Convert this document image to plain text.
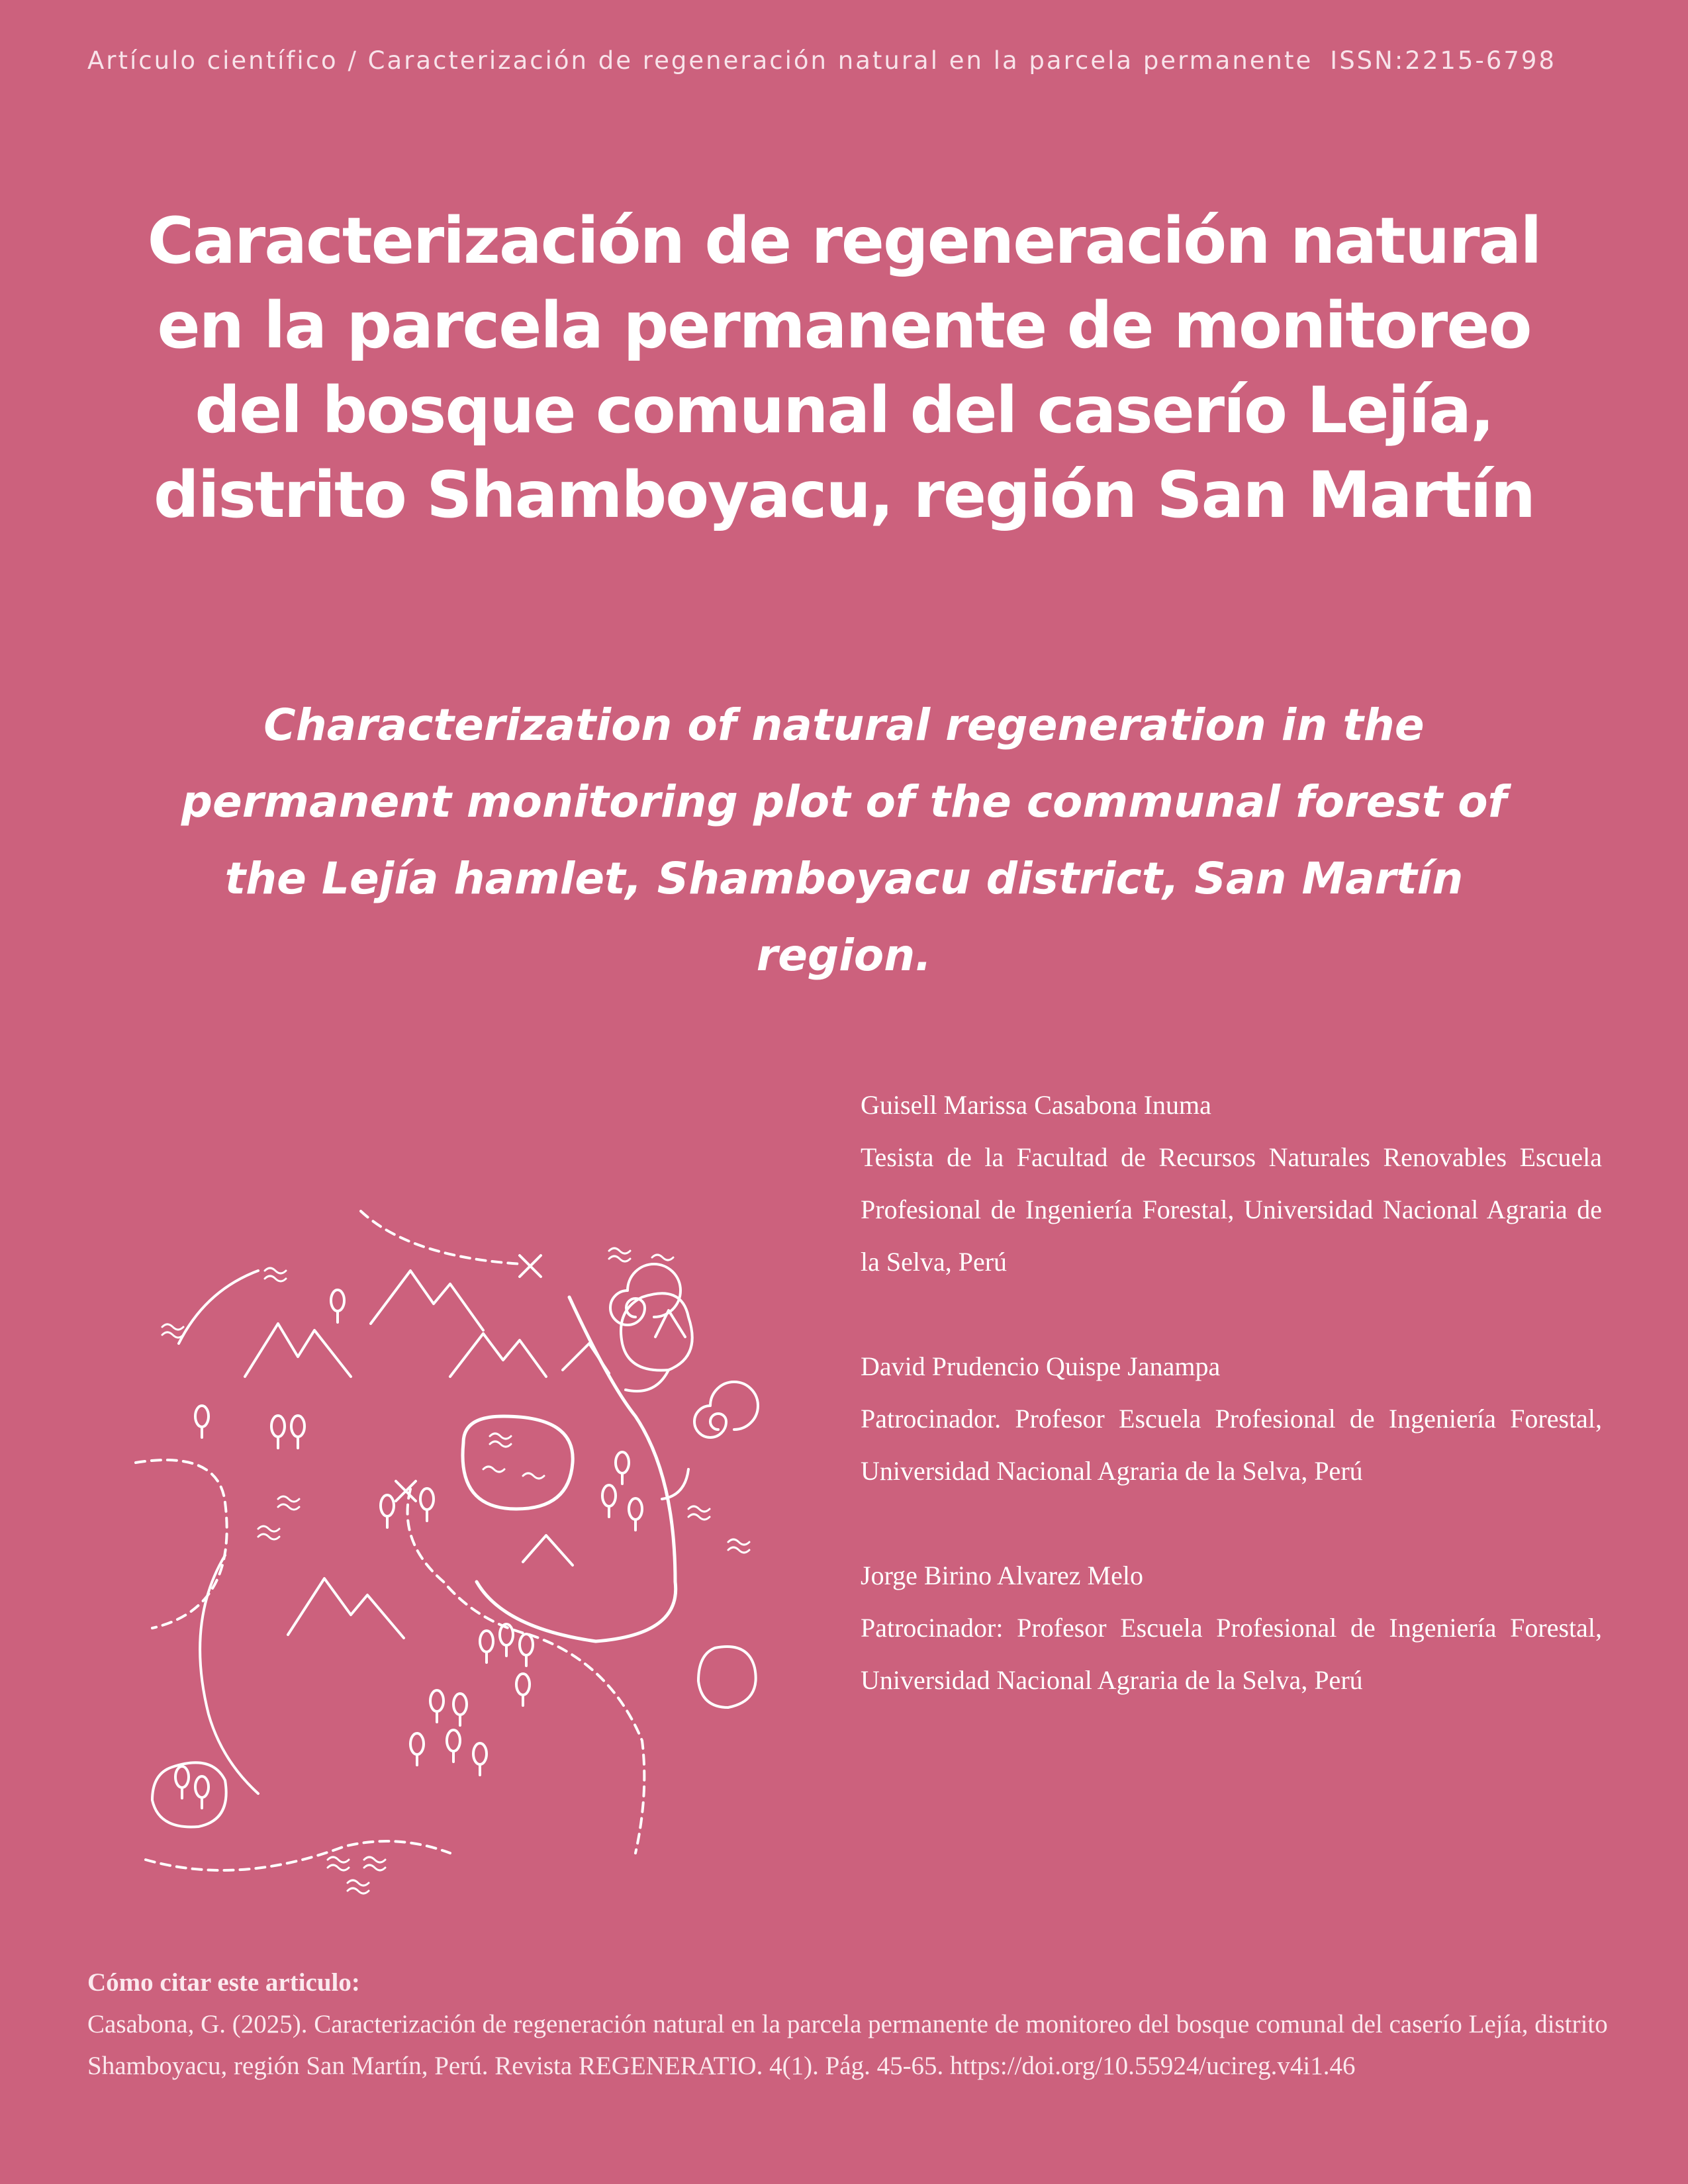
Artículo científico / Caracterización de regeneración natural en la parcela permanente ISSN:2215-6798
Caracterización de regeneración natural en la parcela permanente de monitoreo del bosque comunal del caserío Lejía, distrito Shamboyacu, región San Martín
Characterization of natural regeneration in the permanent monitoring plot of the communal forest of the Lejía hamlet, Shamboyacu district, San Martín region.
Guisell Marissa Casabona Inuma
Tesista de la Facultad de Recursos Naturales Renovables Escuela Profesional de Ingeniería Forestal, Universidad Nacional Agraria de la Selva, Perú
David Prudencio Quispe Janampa
Patrocinador. Profesor Escuela Profesional de Ingeniería Forestal, Universidad Nacional Agraria de la Selva, Perú
Jorge Birino Alvarez Melo
Patrocinador: Profesor Escuela Profesional de Ingeniería Forestal, Universidad Nacional Agraria de la Selva, Perú
Cómo citar este articulo:
Casabona, G. (2025). Caracterización de regeneración natural en la parcela permanente de monitoreo del bosque comunal del caserío Lejía, distrito Shamboyacu, región San Martín, Perú. Revista REGENERATIO. 4(1). Pág. 45-65. https://doi.org/10.55924/ucireg.v4i1.46
